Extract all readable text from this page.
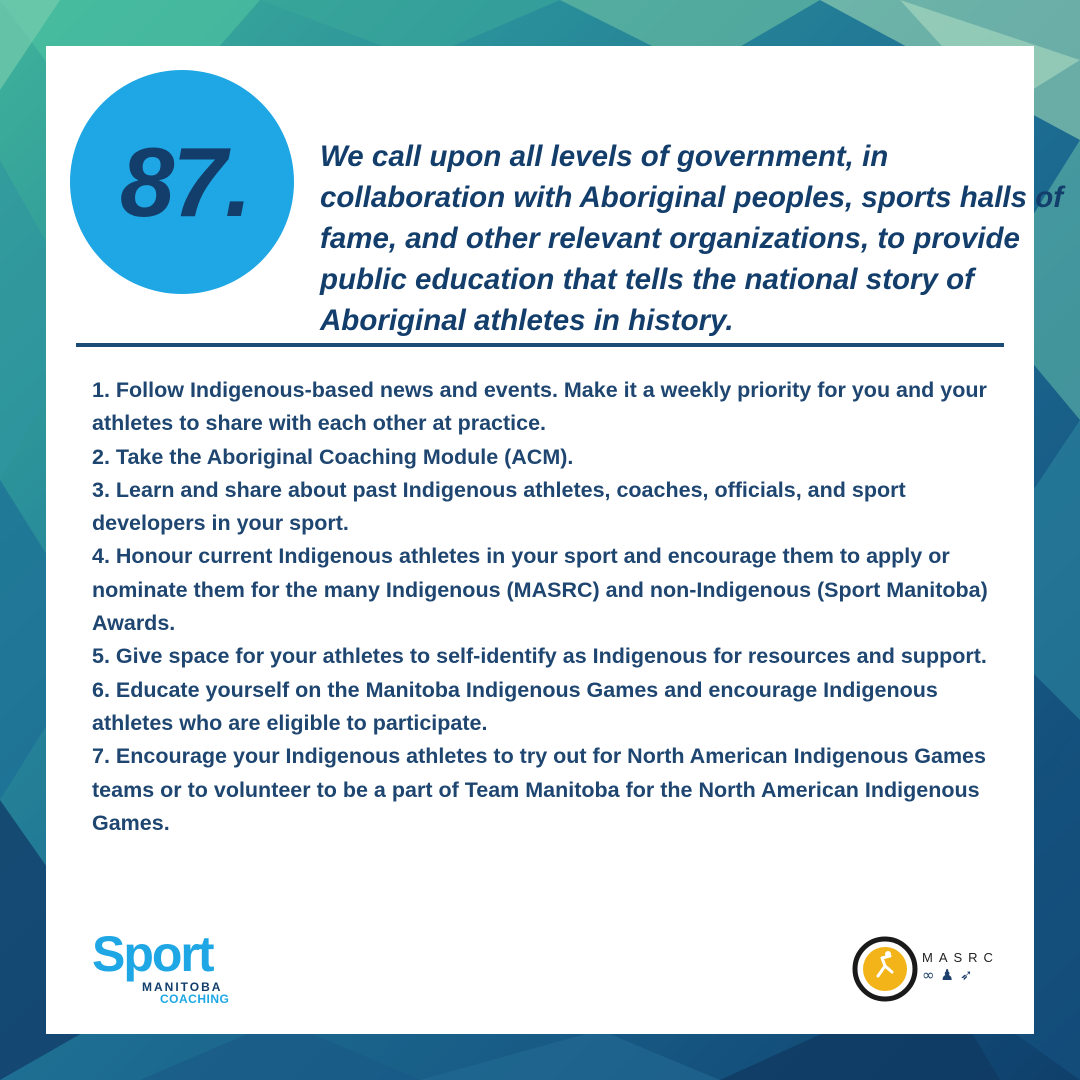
87. We call upon all levels of government, in collaboration with Aboriginal peoples, sports halls of fame, and other relevant organizations, to provide public education that tells the national story of Aboriginal athletes in history.

1. Follow Indigenous-based news and events. Make it a weekly priority for you and your athletes to share with each other at practice.
2. Take the Aboriginal Coaching Module (ACM).
3. Learn and share about past Indigenous athletes, coaches, officials, and sport developers in your sport.
4. Honour current Indigenous athletes in your sport and encourage them to apply or nominate them for the many Indigenous (MASRC) and non-Indigenous (Sport Manitoba) Awards.
5. Give space for your athletes to self-identify as Indigenous for resources and support.
6. Educate yourself on the Manitoba Indigenous Games and encourage Indigenous athletes who are eligible to participate.
7. Encourage your Indigenous athletes to try out for North American Indigenous Games teams or to volunteer to be a part of Team Manitoba for the North American Indigenous Games.
Sport
MANITOBA
COACHING
MASRC
∞ ♟ ➶
